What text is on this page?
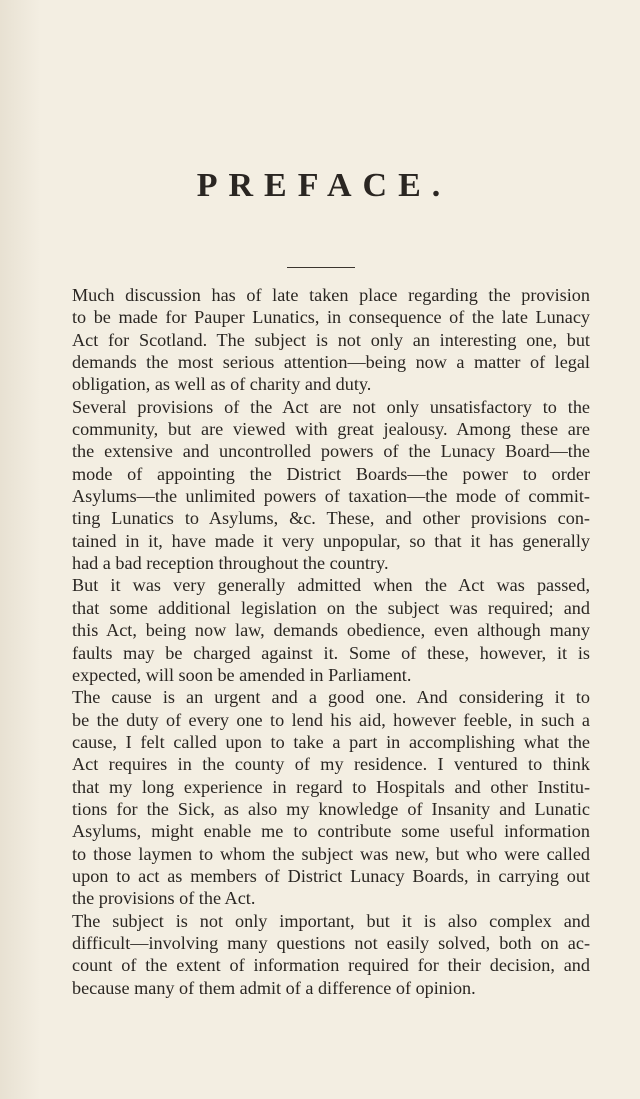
PREFACE.
Much discussion has of late taken place regarding the provision
to be made for Pauper Lunatics, in consequence of the late Lunacy
Act for Scotland. The subject is not only an interesting one, but
demands the most serious attention—being now a matter of legal
obligation, as well as of charity and duty.
Several provisions of the Act are not only unsatisfactory to the
community, but are viewed with great jealousy. Among these are
the extensive and uncontrolled powers of the Lunacy Board—the
mode of appointing the District Boards—the power to order
Asylums—the unlimited powers of taxation—the mode of commit-
ting Lunatics to Asylums, &c. These, and other provisions con-
tained in it, have made it very unpopular, so that it has generally
had a bad reception throughout the country.
But it was very generally admitted when the Act was passed,
that some additional legislation on the subject was required; and
this Act, being now law, demands obedience, even although many
faults may be charged against it. Some of these, however, it is
expected, will soon be amended in Parliament.
The cause is an urgent and a good one. And considering it to
be the duty of every one to lend his aid, however feeble, in such a
cause, I felt called upon to take a part in accomplishing what the
Act requires in the county of my residence. I ventured to think
that my long experience in regard to Hospitals and other Institu-
tions for the Sick, as also my knowledge of Insanity and Lunatic
Asylums, might enable me to contribute some useful information
to those laymen to whom the subject was new, but who were called
upon to act as members of District Lunacy Boards, in carrying out
the provisions of the Act.
The subject is not only important, but it is also complex and
difficult—involving many questions not easily solved, both on ac-
count of the extent of information required for their decision, and
because many of them admit of a difference of opinion.
